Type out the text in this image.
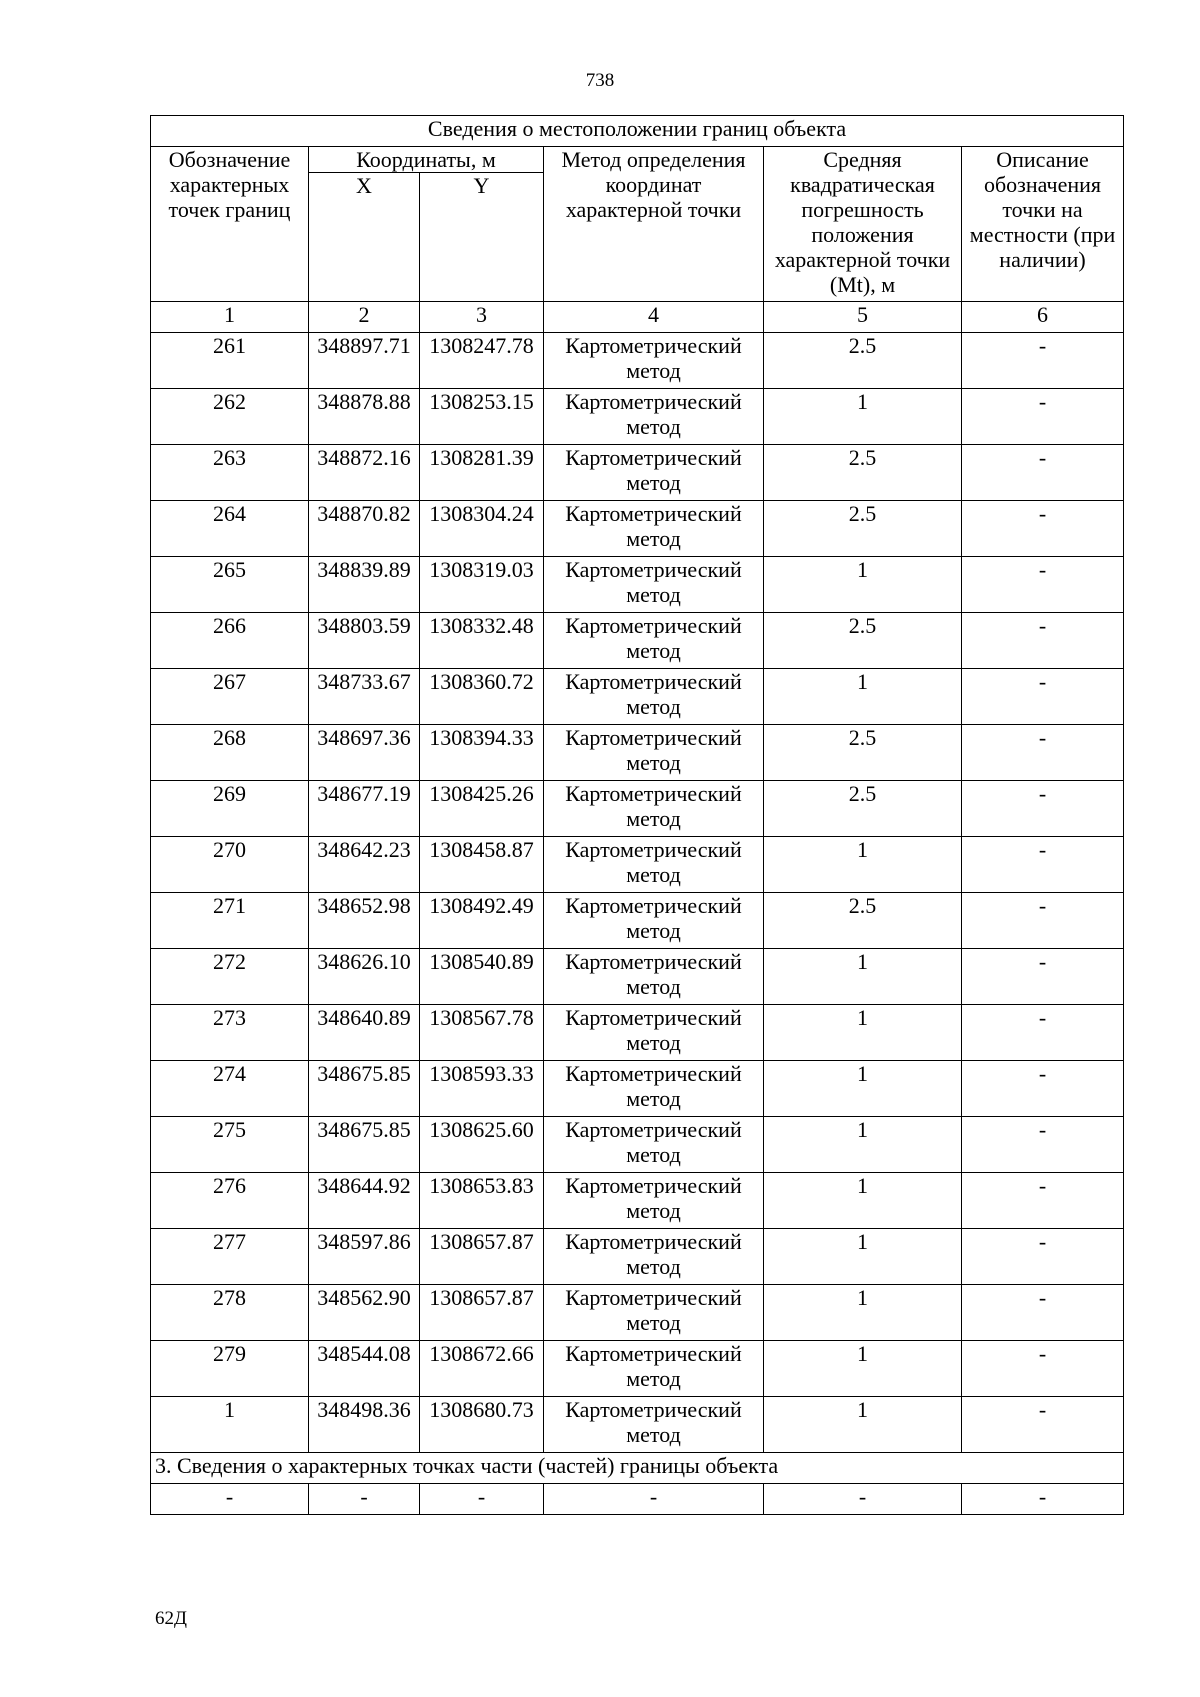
738
Сведения о местоположении границ объекта					
Обозначение характерных точек границ	Координаты, м		Метод определения координат характерной точки	Средняя квадратическая погрешность положения характерной точки (Mt), м	Описание обозначения точки на местности (при наличии)
	X	Y			
1	2	3	4	5	6
261	348897.71	1308247.78	Картометрический метод	2.5	-
262	348878.88	1308253.15	Картометрический метод	1	-
263	348872.16	1308281.39	Картометрический метод	2.5	-
264	348870.82	1308304.24	Картометрический метод	2.5	-
265	348839.89	1308319.03	Картометрический метод	1	-
266	348803.59	1308332.48	Картометрический метод	2.5	-
267	348733.67	1308360.72	Картометрический метод	1	-
268	348697.36	1308394.33	Картометрический метод	2.5	-
269	348677.19	1308425.26	Картометрический метод	2.5	-
270	348642.23	1308458.87	Картометрический метод	1	-
271	348652.98	1308492.49	Картометрический метод	2.5	-
272	348626.10	1308540.89	Картометрический метод	1	-
273	348640.89	1308567.78	Картометрический метод	1	-
274	348675.85	1308593.33	Картометрический метод	1	-
275	348675.85	1308625.60	Картометрический метод	1	-
276	348644.92	1308653.83	Картометрический метод	1	-
277	348597.86	1308657.87	Картометрический метод	1	-
278	348562.90	1308657.87	Картометрический метод	1	-
279	348544.08	1308672.66	Картометрический метод	1	-
1	348498.36	1308680.73	Картометрический метод	1	-
3. Сведения о характерных точках части (частей) границы объекта					
-	-	-	-	-	-
62Д
